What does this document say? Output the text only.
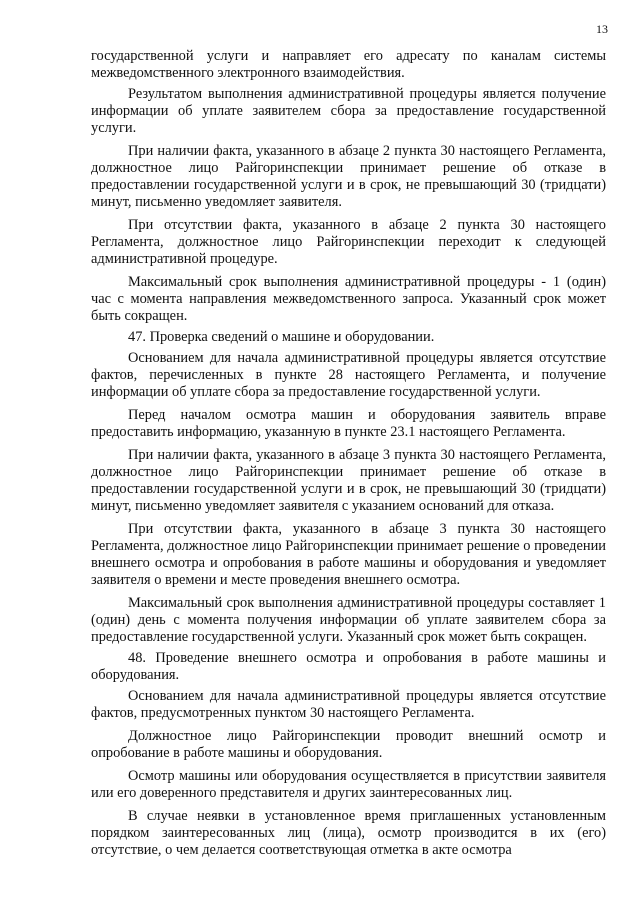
13

государственной услуги и направляет его адресату по каналам системы межведомственного электронного взаимодействия.

Результатом выполнения административной процедуры является получение информации об уплате заявителем сбора за предоставление государственной услуги.

При наличии факта, указанного в абзаце 2 пункта 30 настоящего Регламента, должностное лицо Райгоринспекции принимает решение об отказе в предоставлении государственной услуги и в срок, не превышающий 30 (тридцати) минут, письменно уведомляет заявителя.

При отсутствии факта, указанного в абзаце 2 пункта 30 настоящего Регламента, должностное лицо Райгоринспекции переходит к следующей административной процедуре.

Максимальный срок выполнения административной процедуры - 1 (один) час с момента направления межведомственного запроса. Указанный срок может быть сокращен.

47. Проверка сведений о машине и оборудовании.

Основанием для начала административной процедуры является отсутствие фактов, перечисленных в пункте 28 настоящего Регламента, и получение информации об уплате сбора за предоставление государственной услуги.

Перед началом осмотра машин и оборудования заявитель вправе предоставить информацию, указанную в пункте 23.1 настоящего Регламента.

При наличии факта, указанного в абзаце 3 пункта 30 настоящего Регламента, должностное лицо Райгоринспекции принимает решение об отказе в предоставлении государственной услуги и в срок, не превышающий 30 (тридцати) минут, письменно уведомляет заявителя с указанием оснований для отказа.

При отсутствии факта, указанного в абзаце 3 пункта 30 настоящего Регламента, должностное лицо Райгоринспекции принимает решение о проведении внешнего осмотра и опробования в работе машины и оборудования и уведомляет заявителя о времени и месте проведения внешнего осмотра.

Максимальный срок выполнения административной процедуры составляет 1 (один) день с момента получения информации об уплате заявителем сбора за предоставление государственной услуги. Указанный срок может быть сокращен.

48. Проведение внешнего осмотра и опробования в работе машины и оборудования.

Основанием для начала административной процедуры является отсутствие фактов, предусмотренных пунктом 30 настоящего Регламента.

Должностное лицо Райгоринспекции проводит внешний осмотр и опробование в работе машины и оборудования.

Осмотр машины или оборудования осуществляется в присутствии заявителя или его доверенного представителя и других заинтересованных лиц.

В случае неявки в установленное время приглашенных установленным порядком заинтересованных лиц (лица), осмотр производится в их (его) отсутствие, о чем делается соответствующая отметка в акте осмотра
